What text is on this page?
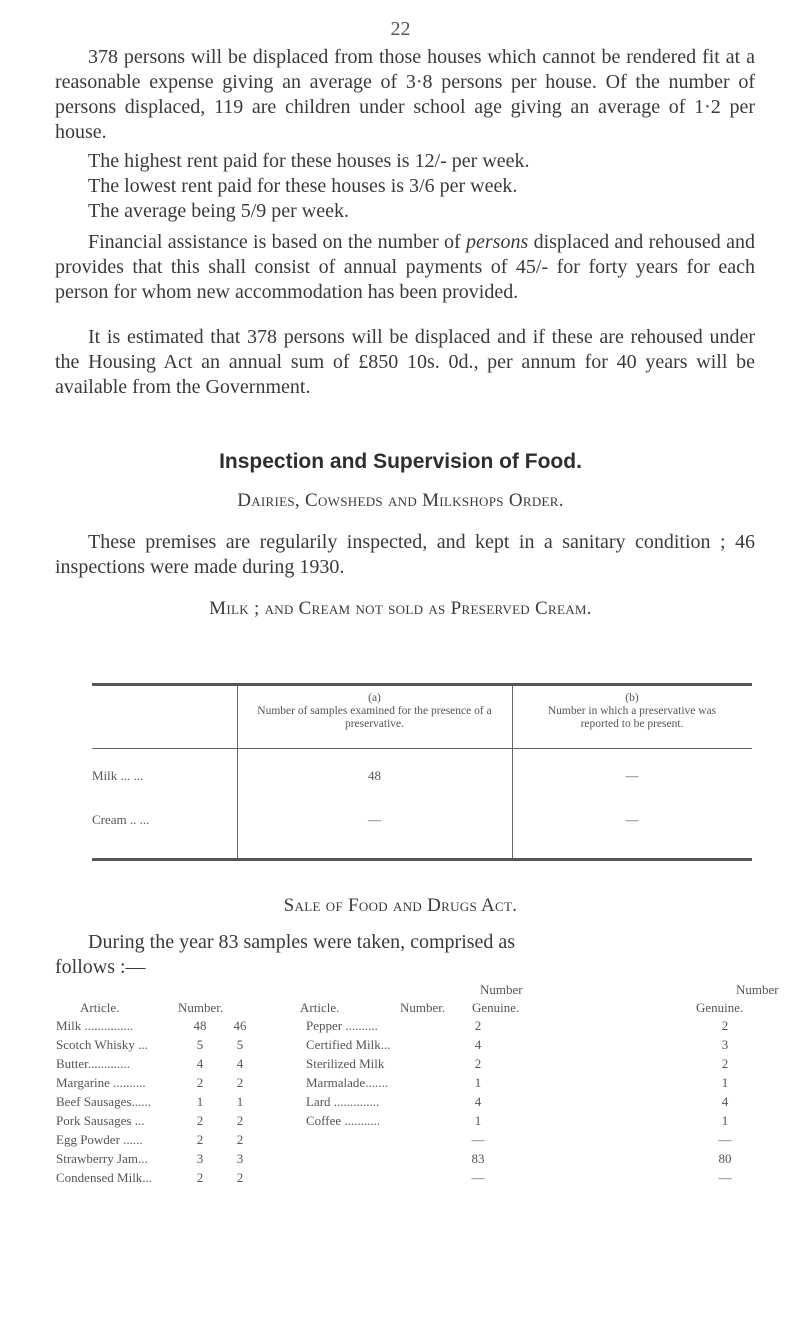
22

378 persons will be displaced from those houses which cannot be rendered fit at a reasonable expense giving an average of 3·8 persons per house. Of the number of persons displaced, 119 are children under school age giving an average of 1·2 per house.

The highest rent paid for these houses is 12/- per week.

The lowest rent paid for these houses is 3/6 per week.

The average being 5/9 per week.

Financial assistance is based on the number of persons displaced and rehoused and provides that this shall consist of annual payments of 45/- for forty years for each person for whom new accommodation has been provided.

It is estimated that 378 persons will be displaced and if these are rehoused under the Housing Act an annual sum of £850 10s. 0d., per annum for 40 years will be available from the Government.

Inspection and Supervision of Food.

Dairies, Cowsheds and Milkshops Order.

These premises are regularily inspected, and kept in a sanitary condition ; 46 inspections were made during 1930.

Milk ; and Cream not sold as Preserved Cream.

(a)
Number of samples examined for the presence of a preservative.
(b)
Number in which a preservative was reported to be present.
Milk ... ...	48	—
Cream .. ...	—	—

Sale of Food and Drugs Act.

During the year 83 samples were taken, comprised as

follows :—

Number	Number
Article.	Number.	Genuine.
Article.	Number.	Genuine.
Milk ...............	48	46
Scotch Whisky ...	5	5
Butter.............	4	4
Margarine ..........	2	2
Beef Sausages......	1	1
Pork Sausages ...	2	2
Egg Powder ......	2	2
Strawberry Jam...	3	3
Condensed Milk...	2	2
Pepper ..........	2	2
Certified Milk...	4	3
Sterilized Milk	2	2
Marmalade.......	1	1
Lard ..............	4	4
Coffee ...........	1	1
—	—
83	80
—	—
